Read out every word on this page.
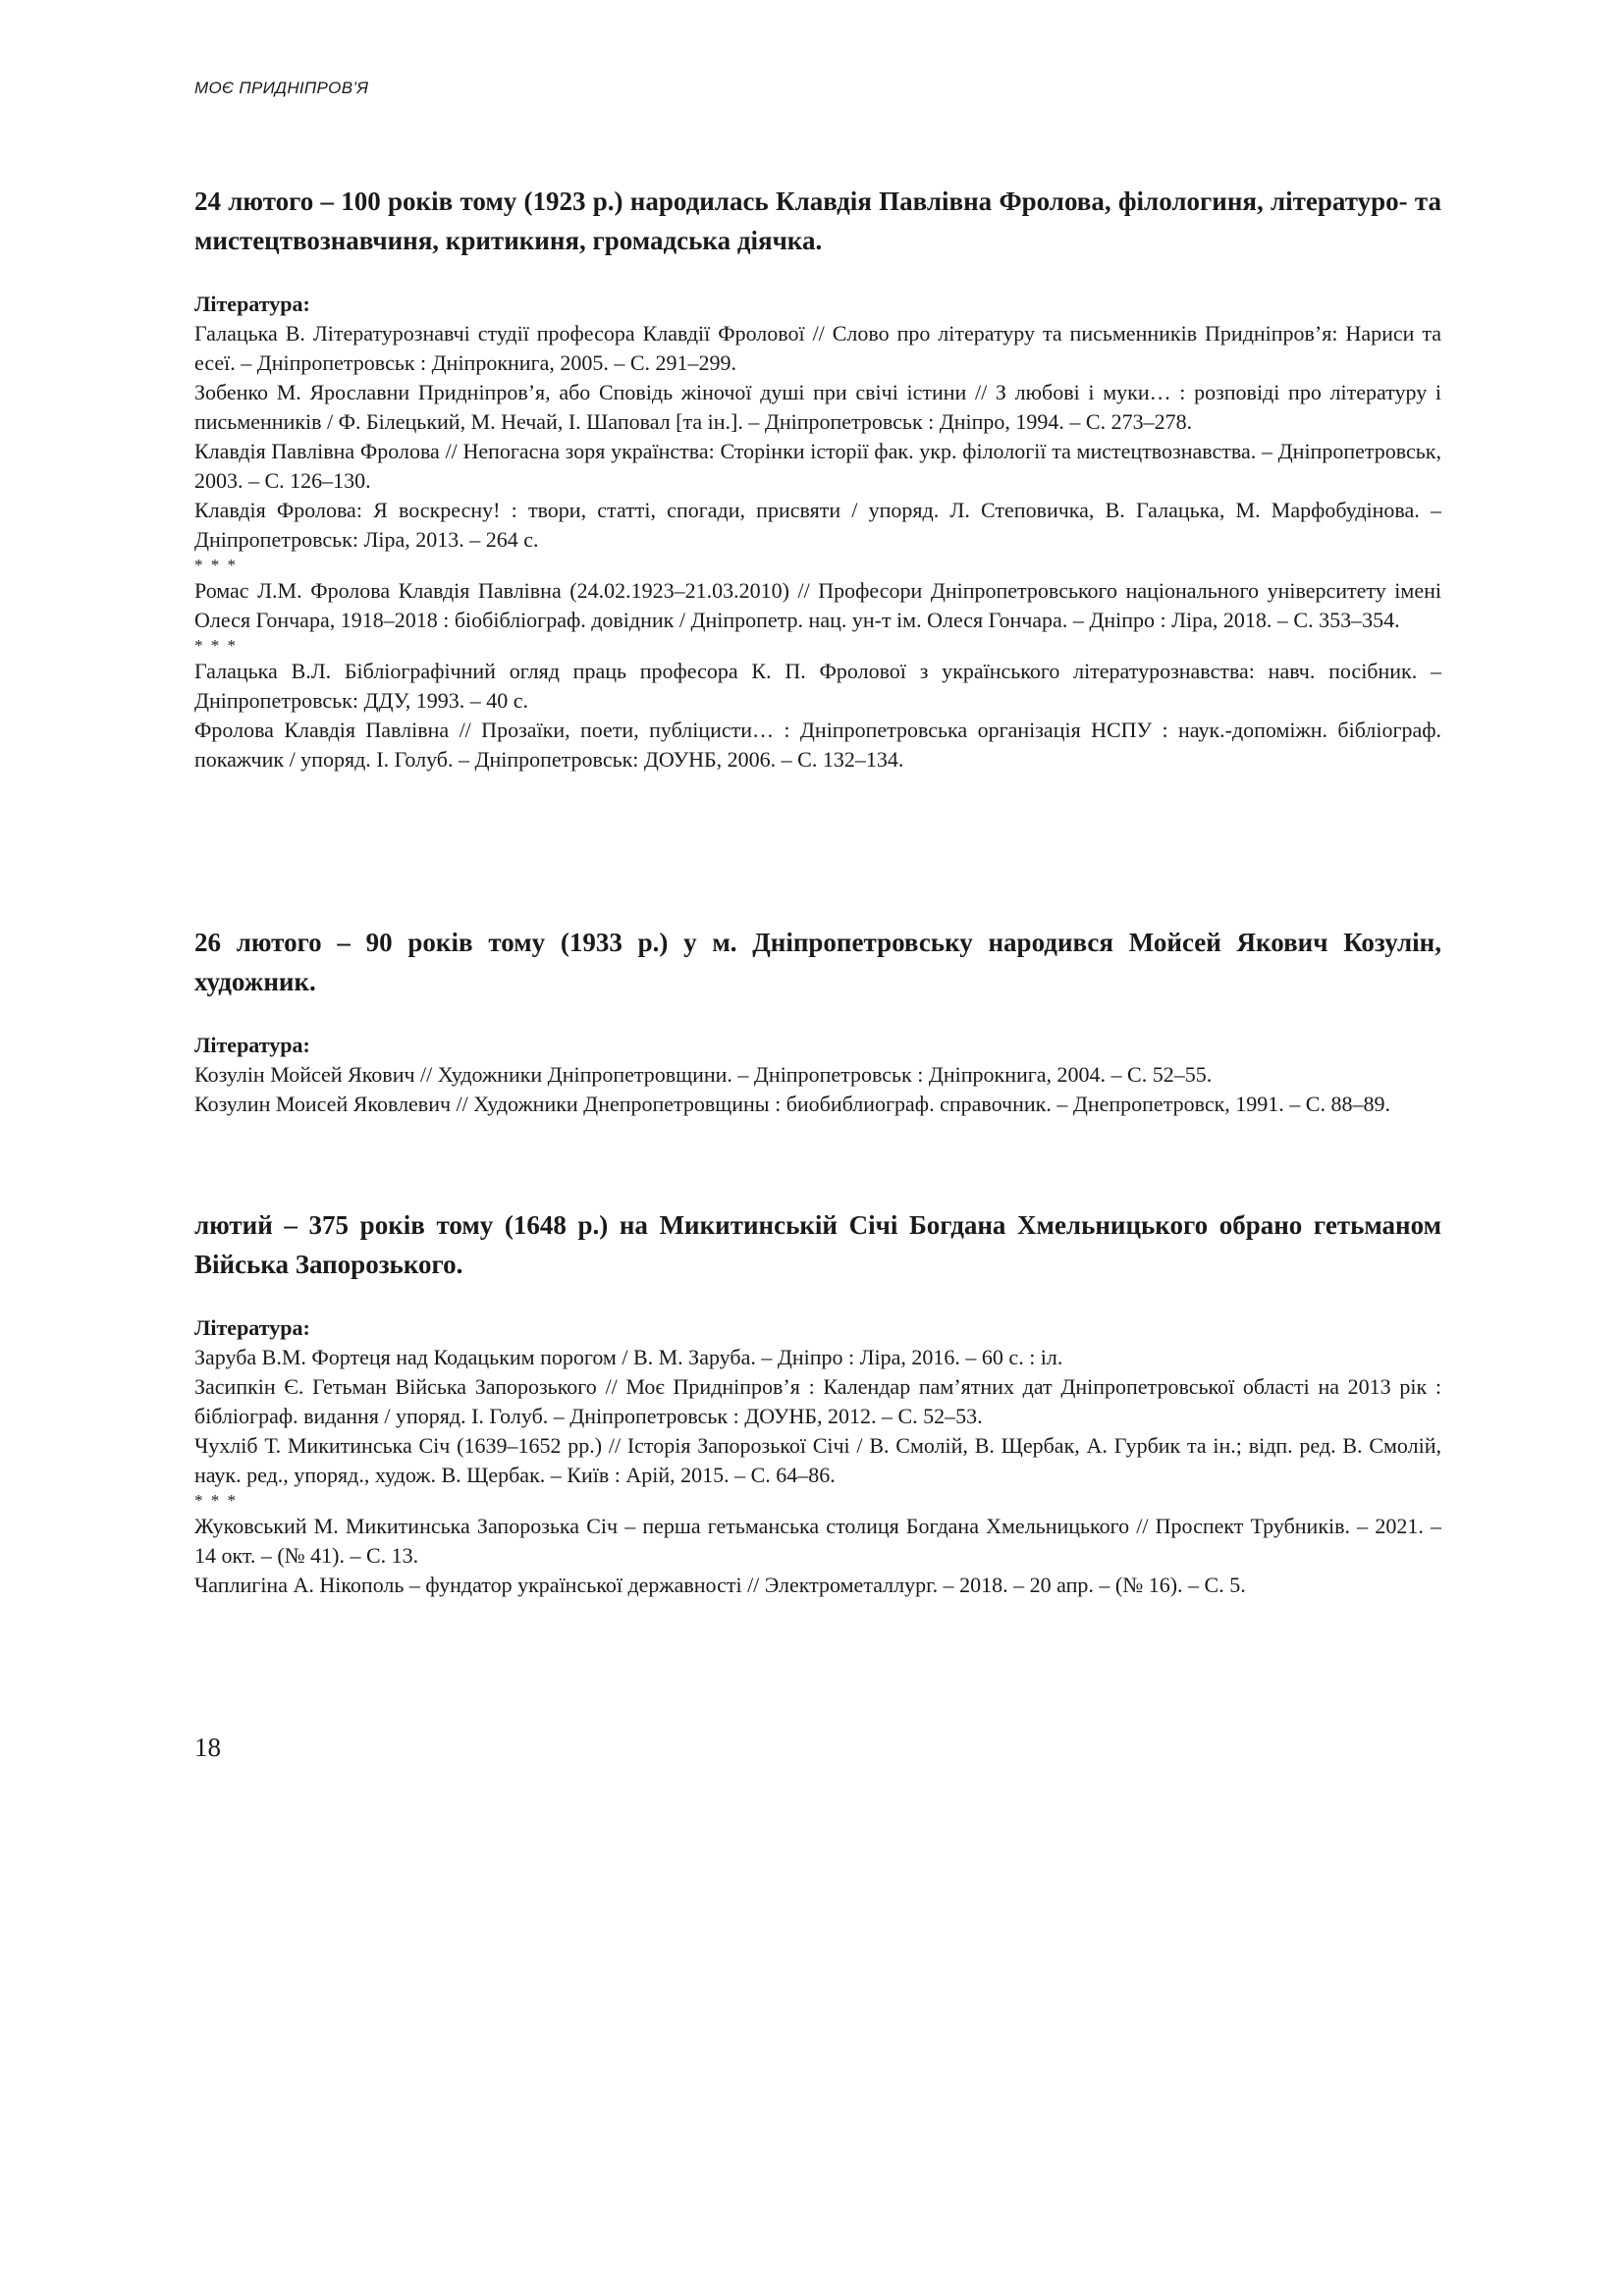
МОЄ ПРИДНІПРОВ’Я

24 лютого – 100 років тому (1923 р.) народилась Клавдія Павлівна Фролова, філологиня, літературо- та мистецтвознавчиня, критикиня, громадська діячка.

Література:

Галацька В. Літературознавчі студії професора Клавдії Фролової // Слово про літературу та письменників Придніпров’я: Нариси та есеї. – Дніпропетровськ : Дніпрокнига, 2005. – С. 291–299.

Зобенко М. Ярославни Придніпров’я, або Сповідь жіночої душі при свічі істини // З любові і муки… : розповіді про літературу і письменників / Ф. Білецький, М. Нечай, І. Шаповал [та ін.]. – Дніпропетровськ : Дніпро, 1994. – С. 273–278.

Клавдія Павлівна Фролова // Непогасна зоря українства: Сторінки історії фак. укр. філології та мистецтвознавства. – Дніпропетровськ, 2003. – С. 126–130.

Клавдія Фролова: Я воскресну! : твори, статті, спогади, присвяти / упоряд. Л. Степовичка, В. Галацька, М. Марфобудінова. – Дніпропетровськ: Ліра, 2013. – 264 с.

* * *

Ромас Л.М. Фролова Клавдія Павлівна (24.02.1923–21.03.2010) // Професори Дніпропетровського національного університету імені Олеся Гончара, 1918–2018 : біобібліограф. довідник / Дніпропетр. нац. ун-т ім. Олеся Гончара. – Дніпро : Ліра, 2018. – С. 353–354.

* * *

Галацька В.Л. Бібліографічний огляд праць професора К. П. Фролової з українського літературознавства: навч. посібник. – Дніпропетровськ: ДДУ, 1993. – 40 с.

Фролова Клавдія Павлівна // Прозаїки, поети, публіцисти… : Дніпропетровська організація НСПУ : наук.-допоміжн. бібліограф. покажчик / упоряд. І. Голуб. – Дніпропетровськ: ДОУНБ, 2006. – С. 132–134.

26 лютого – 90 років тому (1933 р.) у м. Дніпропетровську народився Мойсей Якович Козулін, художник.

Література:

Козулін Мойсей Якович // Художники Дніпропетровщини. – Дніпропетровськ : Дніпрокнига, 2004. – С. 52–55.

Козулин Моисей Яковлевич // Художники Днепропетровщины : биобиблиограф. справочник. – Днепропетровск, 1991. – С. 88–89.

лютий – 375 років тому (1648 р.) на Микитинській Січі Богдана Хмельницького обрано гетьманом Війська Запорозького.

Література:

Заруба В.М. Фортеця над Кодацьким порогом / В. М. Заруба. – Дніпро : Ліра, 2016. – 60 с. : іл.

Засипкін Є. Гетьман Війська Запорозького // Моє Придніпров’я : Календар пам’ятних дат Дніпропетровської області на 2013 рік : бібліограф. видання / упоряд. І. Голуб. – Дніпропетровськ : ДОУНБ, 2012. – С. 52–53.

Чухліб Т. Микитинська Січ (1639–1652 рр.) // Історія Запорозької Січі / В. Смолій, В. Щербак, А. Гурбик та ін.; відп. ред. В. Смолій, наук. ред., упоряд., худож. В. Щербак. – Київ : Арій, 2015. – С. 64–86.

* * *

Жуковський М. Микитинська Запорозька Січ – перша гетьманська столиця Богдана Хмельницького // Проспект Трубників. – 2021. – 14 окт. – (№ 41). – С. 13.

Чаплигіна А. Нікополь – фундатор української державності // Электрометаллург. – 2018. – 20 апр. – (№ 16). – С. 5.

18
